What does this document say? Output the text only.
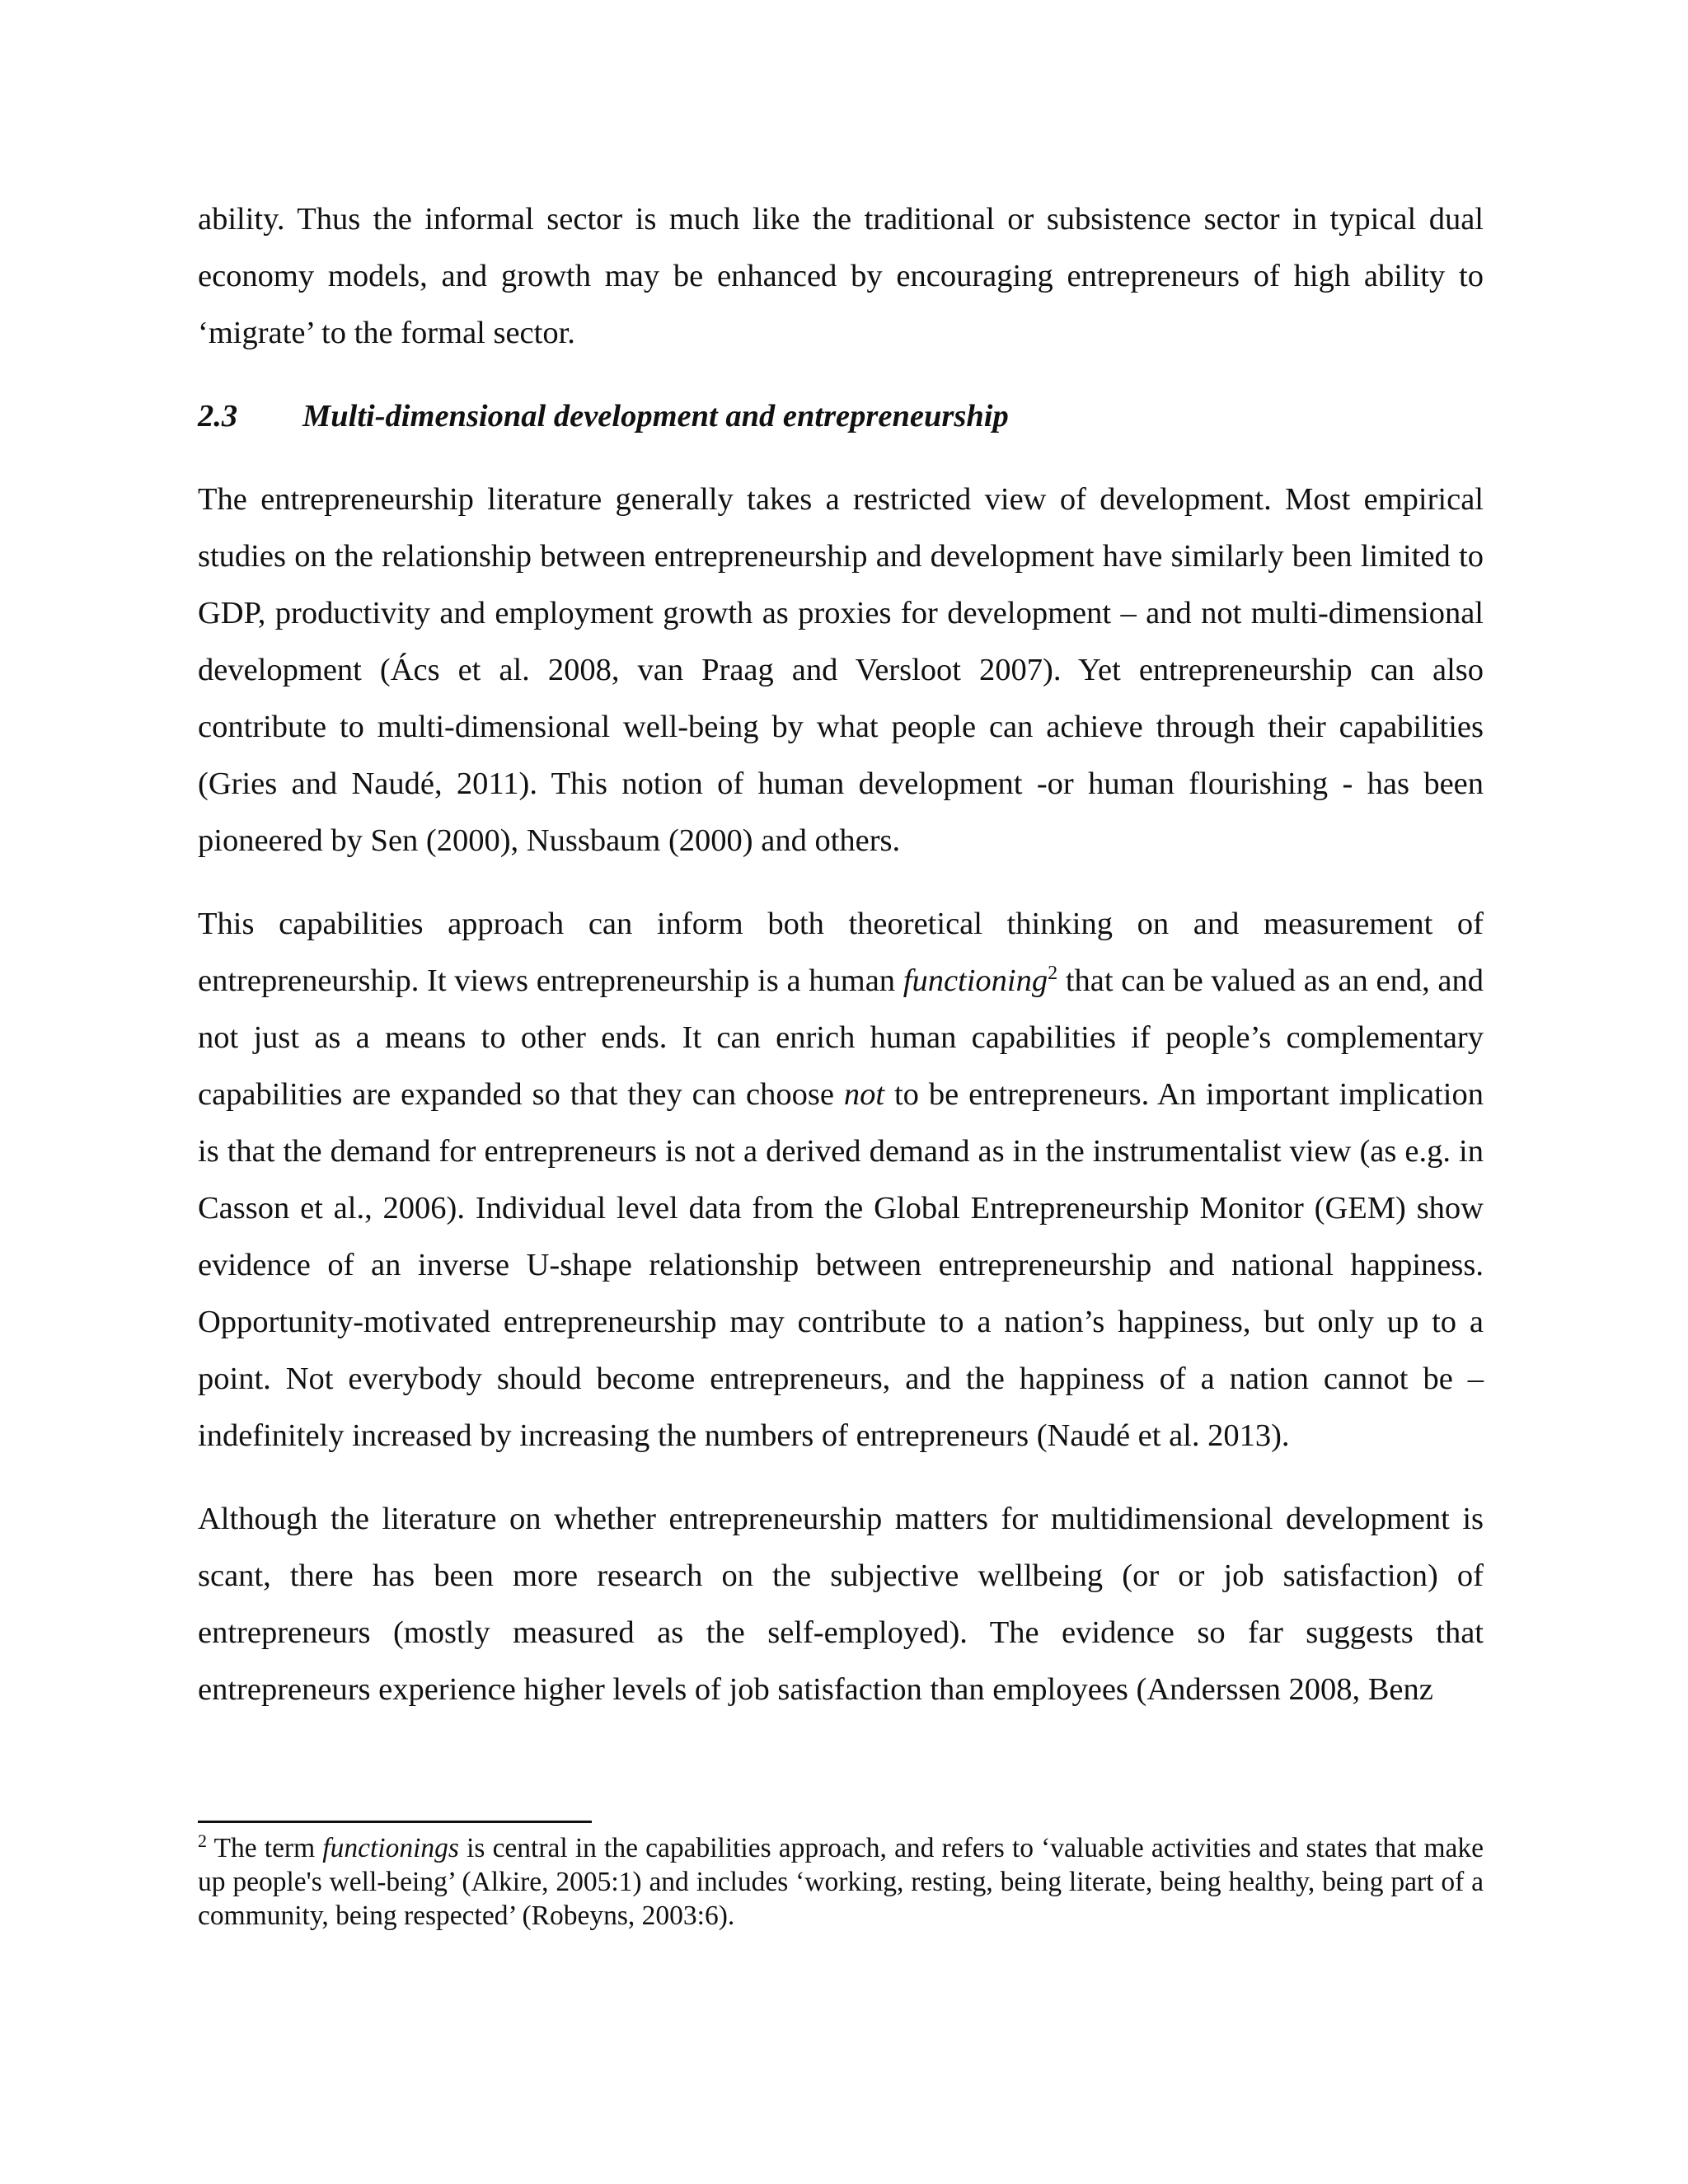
ability. Thus the informal sector is much like the traditional or subsistence sector in typical dual economy models, and growth may be enhanced by encouraging entrepreneurs of high ability to ‘migrate’ to the formal sector.

2.3	Multi-dimensional development and entrepreneurship

The entrepreneurship literature generally takes a restricted view of development. Most empirical studies on the relationship between entrepreneurship and development have similarly been limited to GDP, productivity and employment growth as proxies for development – and not multi-dimensional development (Ács et al. 2008, van Praag and Versloot 2007). Yet entrepreneurship can also contribute to multi-dimensional well-being by what people can achieve through their capabilities (Gries and Naudé, 2011). This notion of human development -or human flourishing - has been pioneered by Sen (2000), Nussbaum (2000) and others.

This capabilities approach can inform both theoretical thinking on and measurement of entrepreneurship. It views entrepreneurship is a human functioning$^2$ that can be valued as an end, and not just as a means to other ends. It can enrich human capabilities if people’s complementary capabilities are expanded so that they can choose not to be entrepreneurs. An important implication is that the demand for entrepreneurs is not a derived demand as in the instrumentalist view (as e.g. in Casson et al., 2006). Individual level data from the Global Entrepreneurship Monitor (GEM) show evidence of an inverse U-shape relationship between entrepreneurship and national happiness. Opportunity-motivated entrepreneurship may contribute to a nation’s happiness, but only up to a point. Not everybody should become entrepreneurs, and the happiness of a nation cannot be –indefinitely increased by increasing the numbers of entrepreneurs (Naudé et al. 2013).

Although the literature on whether entrepreneurship matters for multidimensional development is scant, there has been more research on the subjective wellbeing (or or job satisfaction) of entrepreneurs (mostly measured as the self-employed). The evidence so far suggests that entrepreneurs experience higher levels of job satisfaction than employees (Anderssen 2008, Benz

$^2$ The term functionings is central in the capabilities approach, and refers to ‘valuable activities and states that make up people's well-being’ (Alkire, 2005:1) and includes ‘working, resting, being literate, being healthy, being part of a community, being respected’ (Robeyns, 2003:6).
